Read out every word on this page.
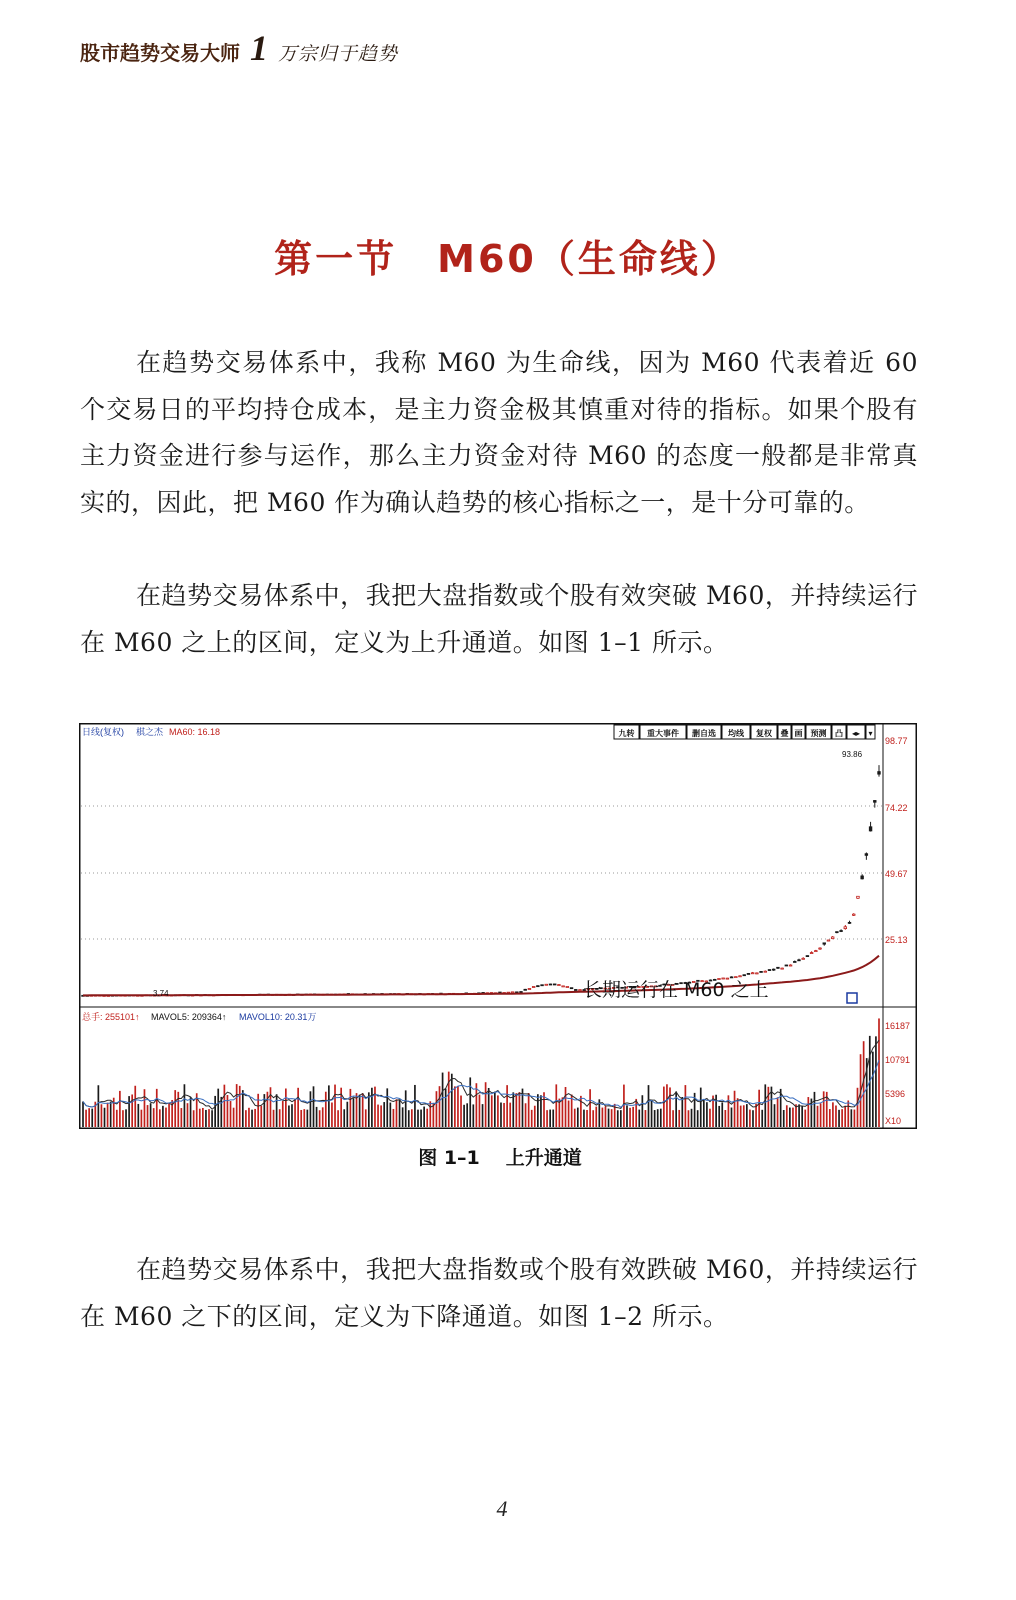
股市趋势交易大师 1 万宗归于趋势
第一节 M60（生命线）

在趋势交易体系中，我称 M60 为生命线，因为 M60 代表着近 60 个交易日的平均持仓成本，是主力资金极其慎重对待的指标。如果个股有主力资金进行参与运作，那么主力资金对待 M60 的态度一般都是非常真实的，因此，把 M60 作为确认趋势的核心指标之一，是十分可靠的。

在趋势交易体系中，我把大盘指数或个股有效突破 M60，并持续运行在 M60 之上的区间，定义为上升通道。如图 1–1 所示。

日线(复权) 棋之杰 MA60: 16.18	九转 重大事件 删自选 均线 复权 叠 画 预测 凸 ◂▸ ▾
98.77
74.22
49.67
25.13
93.86
3.74	长期运行在 M60 之上
总手: 255101↑ MAVOL5: 209364↑ MAVOL10: 20.31万
16187
10791
5396
X10
图 1–1 上升通道

在趋势交易体系中，我把大盘指数或个股有效跌破 M60，并持续运行在 M60 之下的区间，定义为下降通道。如图 1–2 所示。

4
